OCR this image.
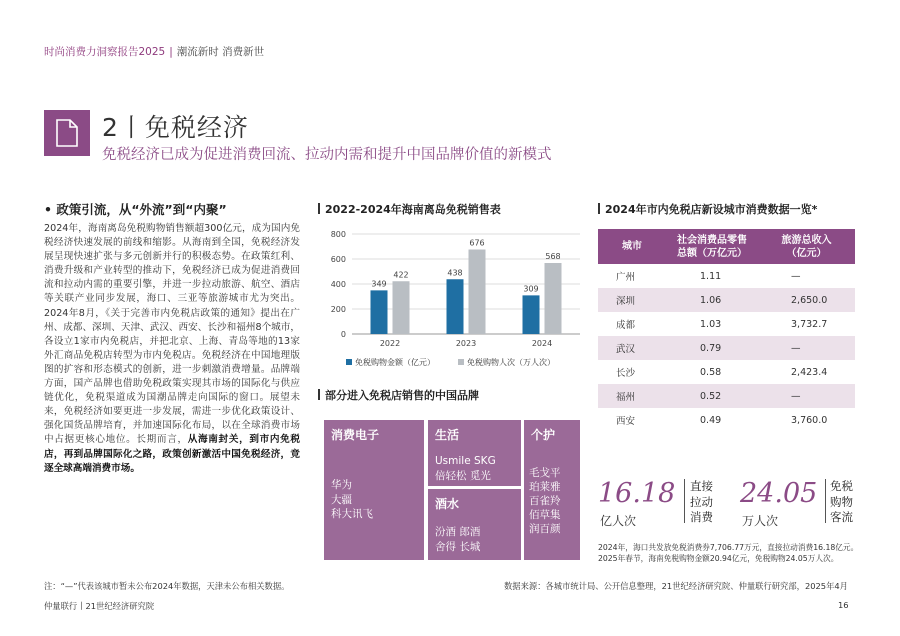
时尚消费力洞察报告2025 | 潮流新时 消费新世
2丨免税经济
免税经济已成为促进消费回流、拉动内需和提升中国品牌价值的新模式
• 政策引流，从“外流”到“内聚”
2024年，海南离岛免税购物销售额超300亿元，成为国内免税经济快速发展的前线和缩影。从海南到全国，免税经济发展呈现快速扩张与多元创新并行的积极态势。在政策红利、消费升级和产业转型的推动下，免税经济已成为促进消费回流和拉动内需的重要引擎，并进一步拉动旅游、航空、酒店等关联产业同步发展，海口、三亚等旅游城市尤为突出。2024年8月，《关于完善市内免税店政策的通知》提出在广州、成都、深圳、天津、武汉、西安、长沙和福州8个城市，各设立1家市内免税店，并把北京、上海、青岛等地的13家外汇商品免税店转型为市内免税店。免税经济在中国地理版图的扩容和形态模式的创新，进一步刺激消费增量。品牌端方面，国产品牌也借助免税政策实现其市场的国际化与供应链优化，免税渠道成为国潮品牌走向国际的窗口。展望未来，免税经济如要更进一步发展，需进一步优化政策设计、强化国货品牌培育，并加速国际化布局，以在全球消费市场中占据更核心地位。长期而言，从海南封关，到市内免税店，再到品牌国际化之路，政策创新激活中国免税经济，竞逐全球高端消费市场。
2022-2024年海南离岛免税销售表
0
200
400
600
800
349
422
2022
438
676
2023
309
568
2024
免税购物金额（亿元）	免税购物人次（万人次）
部分进入免税店销售的中国品牌
消费电子
华为
大疆
科大讯飞
生活
Usmile SKG
倍轻松 觅光
酒水
汾酒 郎酒
舍得 长城
个护
毛戈平
珀莱雅
百雀羚
佰草集
润百颜
2024年市内免税店新设城市消费数据一览*
城市	社会消费品零售
总额（万亿元）	旅游总收入
（亿元）
广州	1.11	—
深圳	1.06	2,650.0
成都	1.03	3,732.7
武汉	0.79	—
长沙	0.58	2,423.4
福州	0.52	—
西安	0.49	3,760.0
16.18
亿人次
直接
拉动
消费
24.05
万人次
免税
购物
客流
2024年，海口共发放免税消费券7,706.77万元，直接拉动消费16.18亿元。2025年春节，海南免税购物金额20.94亿元，免税购物24.05万人次。
注：“—”代表该城市暂未公布2024年数据，天津未公布相关数据。	数据来源：各城市统计局、公开信息整理，21世纪经济研究院、仲量联行研究部，2025年4月
仲量联行丨21世纪经济研究院	16
